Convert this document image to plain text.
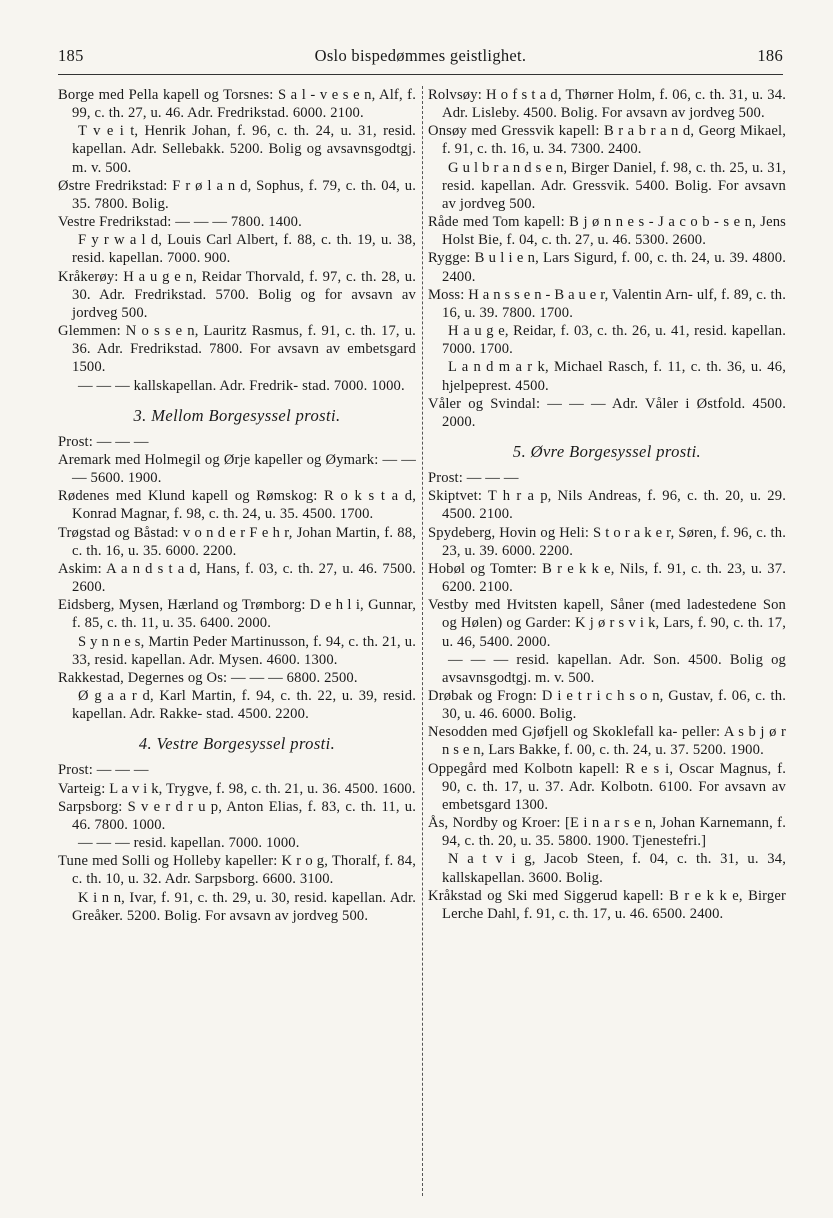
185	Oslo bispedømmes geistlighet.	186

Borge med Pella kapell og Torsnes: S a l - v e s e n, Alf, f. 99, c. th. 27, u. 46. Adr. Fredrikstad. 6000. 2100.

T v e i t, Henrik Johan, f. 96, c. th. 24, u. 31, resid. kapellan. Adr. Sellebakk. 5200. Bolig og avsavnsgodtgj. m. v. 500.

Østre Fredrikstad: F r ø l a n d, Sophus, f. 79, c. th. 04, u. 35. 7800. Bolig.

Vestre Fredrikstad: — — — 7800. 1400.

F y r w a l d, Louis Carl Albert, f. 88, c. th. 19, u. 38, resid. kapellan. 7000. 900.

Kråkerøy: H a u g e n, Reidar Thorvald, f. 97, c. th. 28, u. 30. Adr. Fredrikstad. 5700. Bolig og for avsavn av jordveg 500.

Glemmen: N o s s e n, Lauritz Rasmus, f. 91, c. th. 17, u. 36. Adr. Fredrikstad. 7800. For avsavn av embetsgard 1500.

— — — kallskapellan. Adr. Fredrik- stad. 7000. 1000.

3. Mellom Borgesyssel prosti.

Prost: — — —

Aremark med Holmegil og Ørje kapeller og Øymark: — — — 5600. 1900.

Rødenes med Klund kapell og Rømskog: R o k s t a d, Konrad Magnar, f. 98, c. th. 24, u. 35. 4500. 1700.

Trøgstad og Båstad: v o n d e r F e h r, Johan Martin, f. 88, c. th. 16, u. 35. 6000. 2200.

Askim: A a n d s t a d, Hans, f. 03, c. th. 27, u. 46. 7500. 2600.

Eidsberg, Mysen, Hærland og Trømborg: D e h l i, Gunnar, f. 85, c. th. 11, u. 35. 6400. 2000.

S y n n e s, Martin Peder Martinusson, f. 94, c. th. 21, u. 33, resid. kapellan. Adr. Mysen. 4600. 1300.

Rakkestad, Degernes og Os: — — — 6800. 2500.

Ø g a a r d, Karl Martin, f. 94, c. th. 22, u. 39, resid. kapellan. Adr. Rakke- stad. 4500. 2200.

4. Vestre Borgesyssel prosti.

Prost: — — —

Varteig: L a v i k, Trygve, f. 98, c. th. 21, u. 36. 4500. 1600.

Sarpsborg: S v e r d r u p, Anton Elias, f. 83, c. th. 11, u. 46. 7800. 1000.

— — — resid. kapellan. 7000. 1000.

Tune med Solli og Holleby kapeller: K r o g, Thoralf, f. 84, c. th. 10, u. 32. Adr. Sarpsborg. 6600. 3100.

K i n n, Ivar, f. 91, c. th. 29, u. 30, resid. kapellan. Adr. Greåker. 5200. Bolig. For avsavn av jordveg 500.

Rolvsøy: H o f s t a d, Thørner Holm, f. 06, c. th. 31, u. 34. Adr. Lisleby. 4500. Bolig. For avsavn av jordveg 500.

Onsøy med Gressvik kapell: B r a b r a n d, Georg Mikael, f. 91, c. th. 16, u. 34. 7300. 2400.

G u l b r a n d s e n, Birger Daniel, f. 98, c. th. 25, u. 31, resid. kapellan. Adr. Gressvik. 5400. Bolig. For avsavn av jordveg 500.

Råde med Tom kapell: B j ø n n e s - J a c o b - s e n, Jens Holst Bie, f. 04, c. th. 27, u. 46. 5300. 2600.

Rygge: B u l i e n, Lars Sigurd, f. 00, c. th. 24, u. 39. 4800. 2400.

Moss: H a n s s e n - B a u e r, Valentin Arn- ulf, f. 89, c. th. 16, u. 39. 7800. 1700.

H a u g e, Reidar, f. 03, c. th. 26, u. 41, resid. kapellan. 7000. 1700.

L a n d m a r k, Michael Rasch, f. 11, c. th. 36, u. 46, hjelpeprest. 4500.

Våler og Svindal: — — — Adr. Våler i Østfold. 4500. 2000.

5. Øvre Borgesyssel prosti.

Prost: — — —

Skiptvet: T h r a p, Nils Andreas, f. 96, c. th. 20, u. 29. 4500. 2100.

Spydeberg, Hovin og Heli: S t o r a k e r, Søren, f. 96, c. th. 23, u. 39. 6000. 2200.

Hobøl og Tomter: B r e k k e, Nils, f. 91, c. th. 23, u. 37. 6200. 2100.

Vestby med Hvitsten kapell, Såner (med ladestedene Son og Hølen) og Garder: K j ø r s v i k, Lars, f. 90, c. th. 17, u. 46, 5400. 2000.

— — — resid. kapellan. Adr. Son. 4500. Bolig og avsavnsgodtgj. m. v. 500.

Drøbak og Frogn: D i e t r i c h s o n, Gustav, f. 06, c. th. 30, u. 46. 6000. Bolig.

Nesodden med Gjøfjell og Skoklefall ka- peller: A s b j ø r n s e n, Lars Bakke, f. 00, c. th. 24, u. 37. 5200. 1900.

Oppegård med Kolbotn kapell: R e s i, Oscar Magnus, f. 90, c. th. 17, u. 37. Adr. Kolbotn. 6100. For avsavn av embetsgard 1300.

Ås, Nordby og Kroer: [E i n a r s e n, Johan Karnemann, f. 94, c. th. 20, u. 35. 5800. 1900. Tjenestefri.]

N a t v i g, Jacob Steen, f. 04, c. th. 31, u. 34, kallskapellan. 3600. Bolig.

Kråkstad og Ski med Siggerud kapell: B r e k k e, Birger Lerche Dahl, f. 91, c. th. 17, u. 46. 6500. 2400.
